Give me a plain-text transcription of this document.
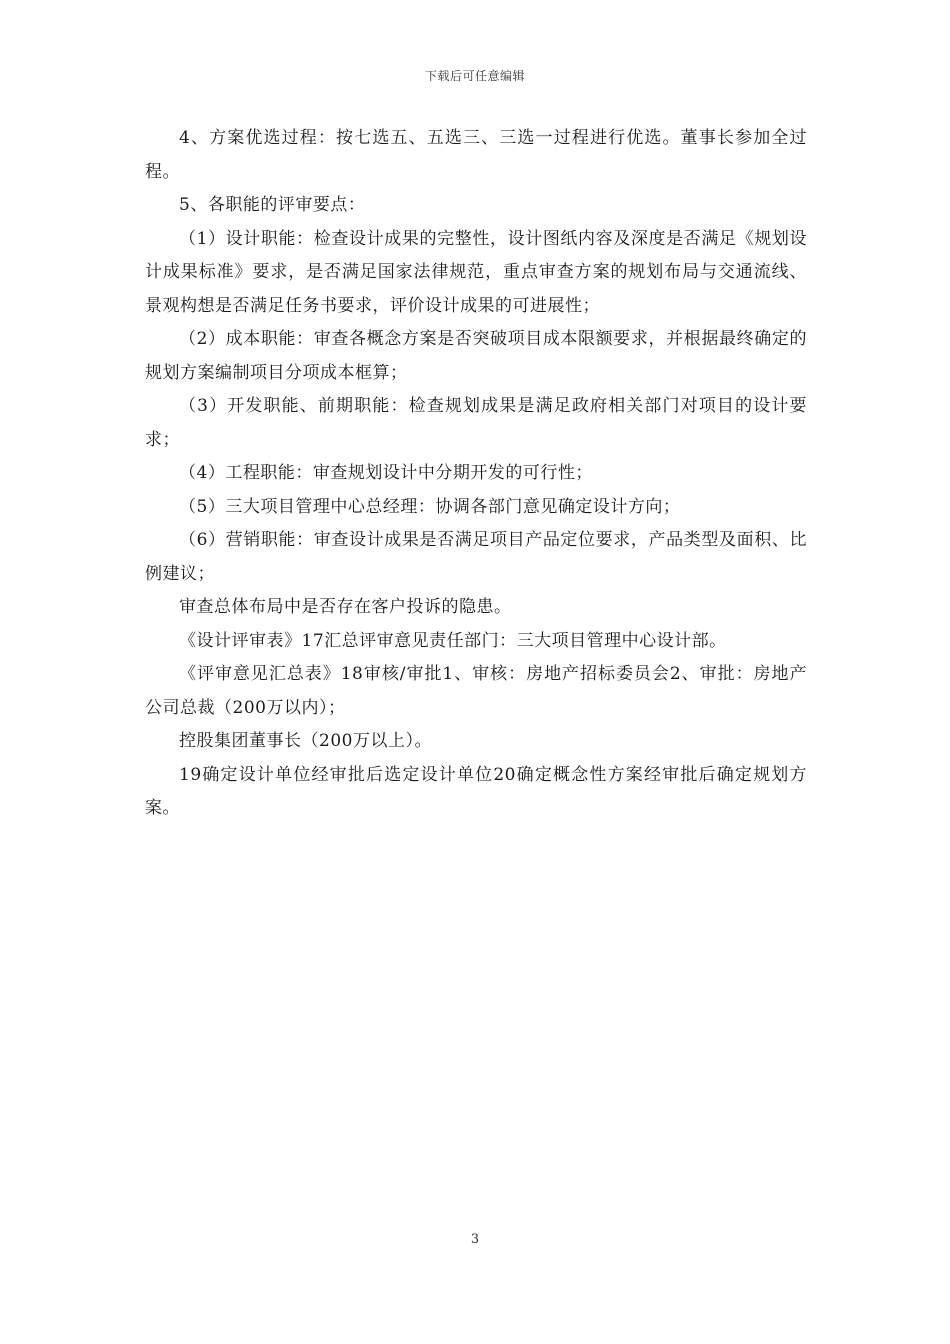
下载后可任意编辑

4、方案优选过程：按七选五、五选三、三选一过程进行优选。董事长参加全过程。

5、各职能的评审要点：

（1）设计职能：检查设计成果的完整性，设计图纸内容及深度是否满足《规划设计成果标准》要求，是否满足国家法律规范，重点审查方案的规划布局与交通流线、景观构想是否满足任务书要求，评价设计成果的可进展性；

（2）成本职能：审查各概念方案是否突破项目成本限额要求，并根据最终确定的规划方案编制项目分项成本框算；

（3）开发职能、前期职能：检查规划成果是满足政府相关部门对项目的设计要求；

（4）工程职能：审查规划设计中分期开发的可行性；

（5）三大项目管理中心总经理：协调各部门意见确定设计方向；

（6）营销职能：审查设计成果是否满足项目产品定位要求，产品类型及面积、比例建议；

审查总体布局中是否存在客户投诉的隐患。

《设计评审表》17汇总评审意见责任部门：三大项目管理中心设计部。

《评审意见汇总表》18审核/审批1、审核：房地产招标委员会2、审批：房地产公司总裁（200万以内）；

控股集团董事长（200万以上）。

19确定设计单位经审批后选定设计单位20确定概念性方案经审批后确定规划方案。

3
